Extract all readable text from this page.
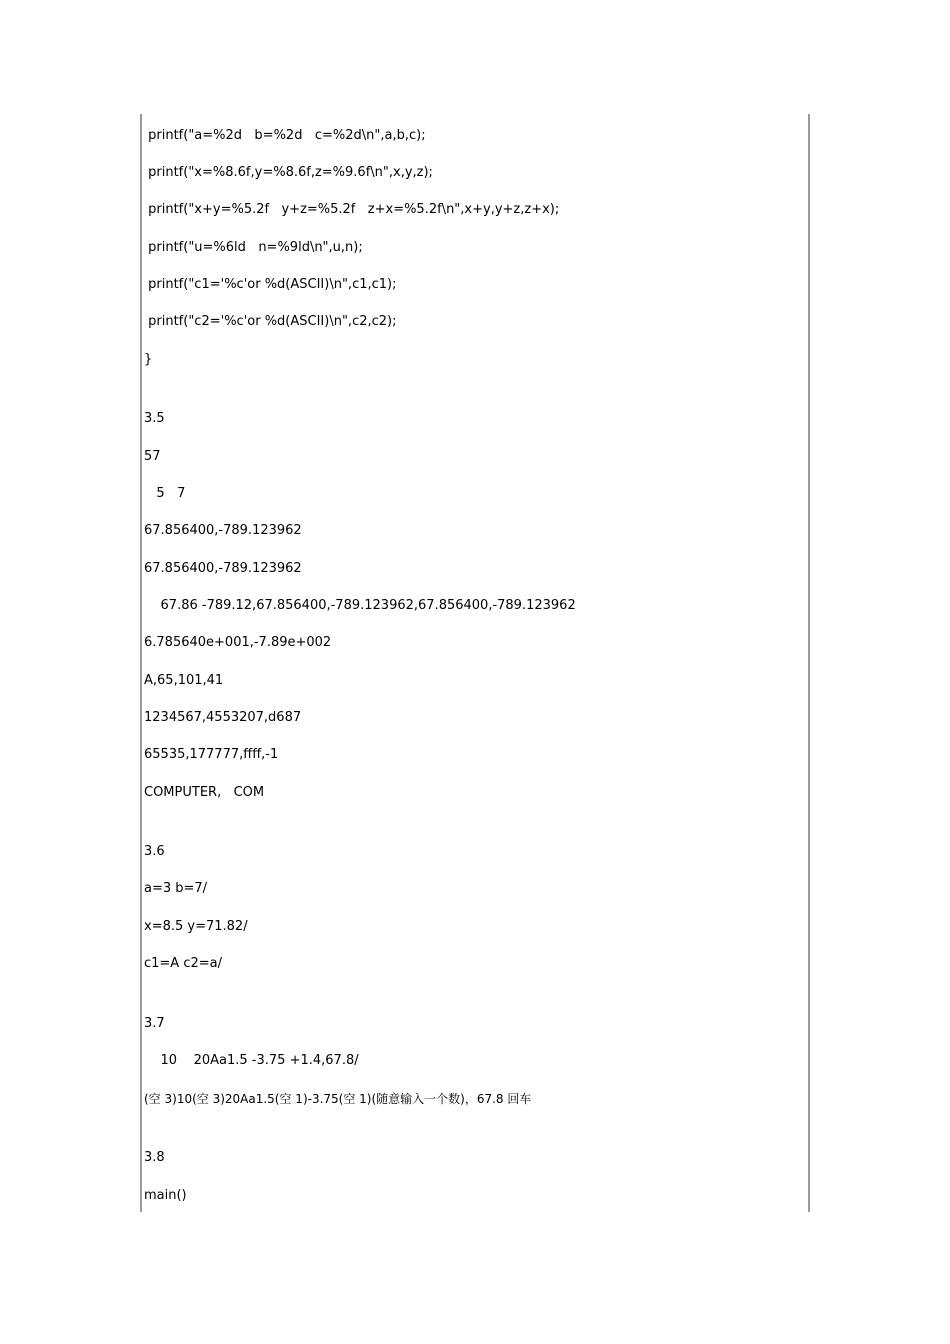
printf("a=%2d   b=%2d   c=%2d\n",a,b,c);
printf("x=%8.6f,y=%8.6f,z=%9.6f\n",x,y,z);
printf("x+y=%5.2f   y+z=%5.2f   z+x=%5.2f\n",x+y,y+z,z+x);
printf("u=%6ld   n=%9ld\n",u,n);
printf("c1='%c'or %d(ASCII)\n",c1,c1);
printf("c2='%c'or %d(ASCII)\n",c2,c2);
}
3.5
57
5   7
67.856400,-789.123962
67.856400,-789.123962
67.86 -789.12,67.856400,-789.123962,67.856400,-789.123962
6.785640e+001,-7.89e+002
A,65,101,41
1234567,4553207,d687
65535,177777,ffff,-1
COMPUTER,   COM
3.6
a=3 b=7/
x=8.5 y=71.82/
c1=A c2=a/
3.7
10    20Aa1.5 -3.75 +1.4,67.8/
(空 3)10(空 3)20Aa1.5(空 1)-3.75(空 1)(随意输入一个数)，67.8 回车
3.8
main()
